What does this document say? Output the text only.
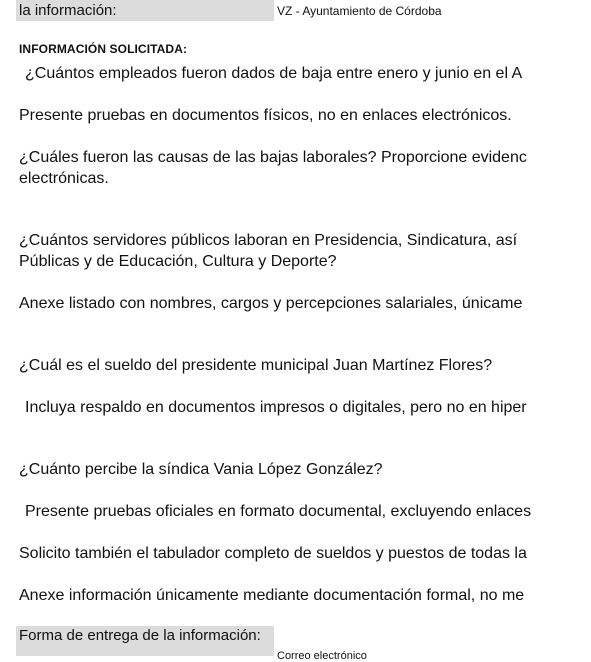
la información:	VZ - Ayuntamiento de Córdoba
INFORMACIÓN SOLICITADA:
¿Cuántos empleados fueron dados de baja entre enero y junio en el A
Presente pruebas en documentos físicos, no en enlaces electrónicos.
¿Cuáles fueron las causas de las bajas laborales? Proporcione evidenc
electrónicas.
¿Cuántos servidores públicos laboran en Presidencia, Sindicatura, así
Públicas y de Educación, Cultura y Deporte?
Anexe listado con nombres, cargos y percepciones salariales, únicame
¿Cuál es el sueldo del presidente municipal Juan Martínez Flores?
Incluya respaldo en documentos impresos o digitales, pero no en hiper
¿Cuánto percibe la síndica Vania López González?
Presente pruebas oficiales en formato documental, excluyendo enlaces
Solicito también el tabulador completo de sueldos y puestos de todas la
Anexe información únicamente mediante documentación formal, no me
Forma de entrega de la información:
Correo electrónico
